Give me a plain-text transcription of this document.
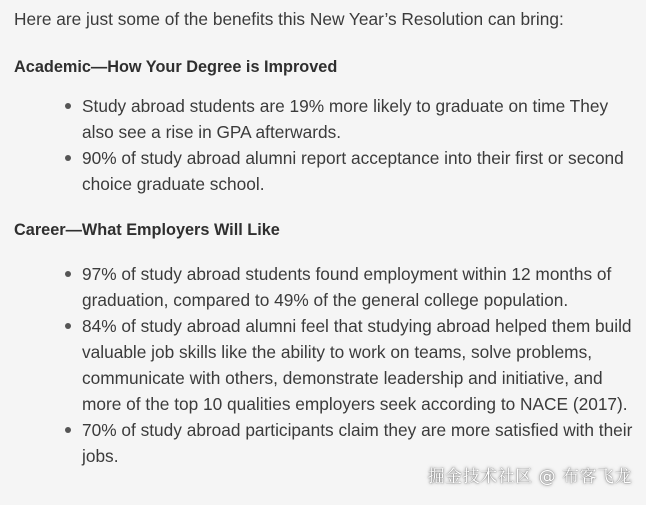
Here are just some of the benefits this New Year’s Resolution can bring:

Academic—How Your Degree is Improved
Study abroad students are 19% more likely to graduate on time They also see a rise in GPA afterwards.
90% of study abroad alumni report acceptance into their first or second choice graduate school.
Career—What Employers Will Like
97% of study abroad students found employment within 12 months of graduation, compared to 49% of the general college population.
84% of study abroad alumni feel that studying abroad helped them build valuable job skills like the ability to work on teams, solve problems, communicate with others, demonstrate leadership and initiative, and more of the top 10 qualities employers seek according to NACE (2017).
70% of study abroad participants claim they are more satisfied with their jobs.
掘金技术社区 @ 布客飞龙
